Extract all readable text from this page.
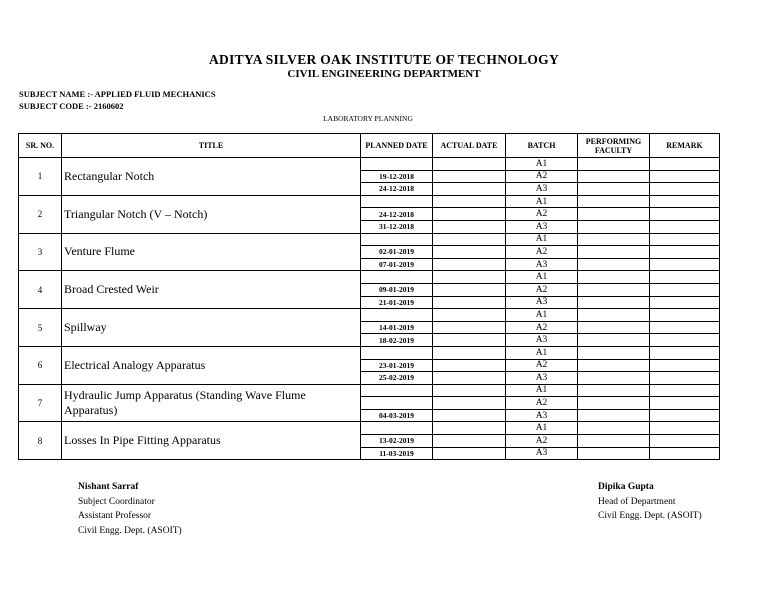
ADITYA SILVER OAK INSTITUTE OF TECHNOLOGY
CIVIL ENGINEERING DEPARTMENT
SUBJECT NAME :- APPLIED FLUID MECHANICS
SUBJECT CODE :- 2160602
LABORATORY PLANNING
SR. NO.	TITLE	PLANNED DATE	ACTUAL DATE	BATCH	PERFORMING FACULTY	REMARK
1	Rectangular Notch			A1		
		19-12-2018		A2		
		24-12-2018		A3		
2	Triangular Notch (V – Notch)			A1		
		24-12-2018		A2		
		31-12-2018		A3		
3	Venture Flume			A1		
		02-01-2019		A2		
		07-01-2019		A3		
4	Broad Crested Weir			A1		
		09-01-2019		A2		
		21-01-2019		A3		
5	Spillway			A1		
		14-01-2019		A2		
		18-02-2019		A3		
6	Electrical Analogy Apparatus			A1		
		23-01-2019		A2		
		25-02-2019		A3		
7	Hydraulic Jump Apparatus (Standing Wave Flume Apparatus)			A1		
				A2		
		04-03-2019		A3		
8	Losses In Pipe Fitting Apparatus			A1		
		13-02-2019		A2		
		11-03-2019		A3		
Nishant Sarraf
Subject Coordinator
Assistant Professor
Civil Engg. Dept. (ASOIT)
Dipika Gupta
Head of Department
Civil Engg. Dept. (ASOIT)
